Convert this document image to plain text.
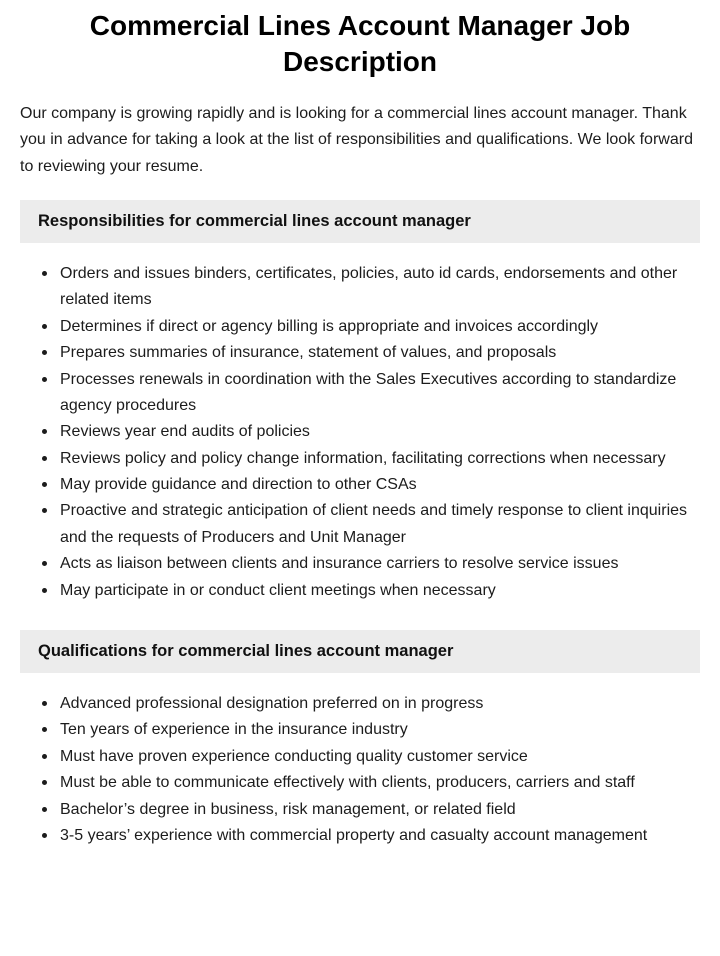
Commercial Lines Account Manager Job Description

Our company is growing rapidly and is looking for a commercial lines account manager. Thank you in advance for taking a look at the list of responsibilities and qualifications. We look forward to reviewing your resume.

Responsibilities for commercial lines account manager
Orders and issues binders, certificates, policies, auto id cards, endorsements and other related items
Determines if direct or agency billing is appropriate and invoices accordingly
Prepares summaries of insurance, statement of values, and proposals
Processes renewals in coordination with the Sales Executives according to standardize agency procedures
Reviews year end audits of policies
Reviews policy and policy change information, facilitating corrections when necessary
May provide guidance and direction to other CSAs
Proactive and strategic anticipation of client needs and timely response to client inquiries and the requests of Producers and Unit Manager
Acts as liaison between clients and insurance carriers to resolve service issues
May participate in or conduct client meetings when necessary
Qualifications for commercial lines account manager
Advanced professional designation preferred on in progress
Ten years of experience in the insurance industry
Must have proven experience conducting quality customer service
Must be able to communicate effectively with clients, producers, carriers and staff
Bachelor’s degree in business, risk management, or related field
3-5 years’ experience with commercial property and casualty account management
